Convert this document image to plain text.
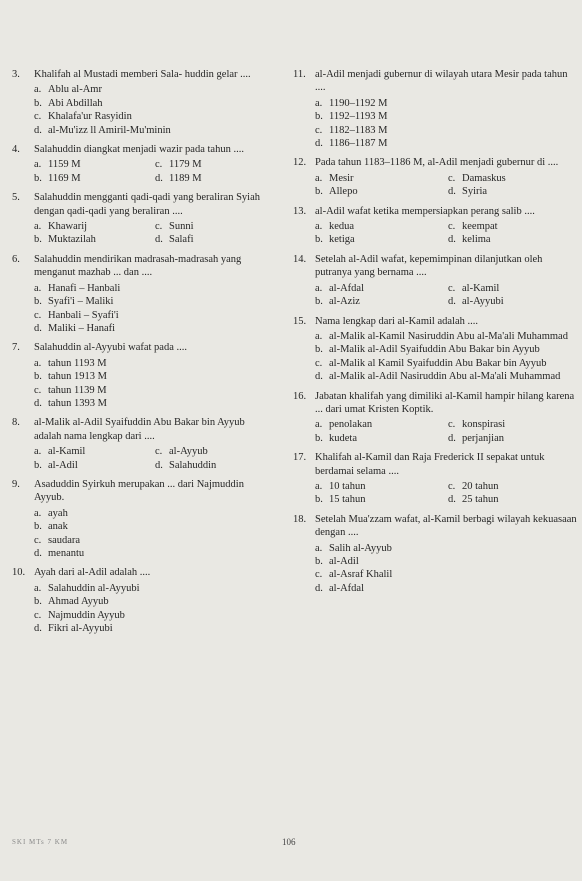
3.	Khalifah al Mustadi memberi Sala- huddin gelar ....
a. Ablu al-Amr
b. Abi Abdillah
c. Khalafa'ur Rasyidin
d. al-Mu'izz ll Amiril-Mu'minin
4.	Salahuddin diangkat menjadi wazir pada tahun ....
a. 1159 M	c. 1179 M
b. 1169 M	d. 1189 M
5.	Salahuddin mengganti qadi-qadi yang beraliran Syiah dengan qadi-qadi yang beraliran ....
a. Khawarij	c. Sunni
b. Muktazilah	d. Salafi
6.	Salahuddin mendirikan madrasah-madrasah yang menganut mazhab ... dan ....
a. Hanafi – Hanbali
b. Syafi'i – Maliki
c. Hanbali – Syafi'i
d. Maliki – Hanafi
7.	Salahuddin al-Ayyubi wafat pada ....
a. tahun 1193 M
b. tahun 1913 M
c. tahun 1139 M
d. tahun 1393 M
8.	al-Malik al-Adil Syaifuddin Abu Bakar bin Ayyub adalah nama lengkap dari ....
a. al-Kamil	c. al-Ayyub
b. al-Adil	d. Salahuddin
9.	Asaduddin Syirkuh merupakan ... dari Najmuddin Ayyub.
a. ayah
b. anak
c. saudara
d. menantu
10. Ayah dari al-Adil adalah ....
a. Salahuddin al-Ayyubi
b. Ahmad Ayyub
c. Najmuddin Ayyub
d. Fikri al-Ayyubi
11. al-Adil menjadi gubernur di wilayah utara Mesir pada tahun ....
a. 1190–1192 M
b. 1192–1193 M
c. 1182–1183 M
d. 1186–1187 M
12. Pada tahun 1183–1186 M, al-Adil menjadi gubernur di ....
a. Mesir	c. Damaskus
b. Allepo	d. Syiria
13. al-Adil wafat ketika mempersiapkan perang salib ....
a. kedua	c. keempat
b. ketiga	d. kelima
14. Setelah al-Adil wafat, kepemimpinan dilanjutkan oleh putranya yang bernama ....
a. al-Afdal	c. al-Kamil
b. al-Aziz	d. al-Ayyubi
15. Nama lengkap dari al-Kamil adalah ....
a. al-Malik al-Kamil Nasiruddin Abu al-Ma'ali Muhammad
b. al-Malik al-Adil Syaifuddin Abu Bakar bin Ayyub
c. al-Malik al Kamil Syaifuddin Abu Bakar bin Ayyub
d. al-Malik al-Adil Nasiruddin Abu al-Ma'ali Muhammad
16. Jabatan khalifah yang dimiliki al-Kamil hampir hilang karena ... dari umat Kristen Koptik.
a. penolakan	c. konspirasi
b. kudeta	d. perjanjian
17. Khalifah al-Kamil dan Raja Frederick II sepakat untuk berdamai selama ....
a. 10 tahun	c. 20 tahun
b. 15 tahun	d. 25 tahun
18. Setelah Mua'zzam wafat, al-Kamil berbagi wilayah kekuasaan dengan ....
a. Salih al-Ayyub
b. al-Adil
c. al-Asraf Khalil
d. al-Afdal
SKI MTs 7 KM	106
